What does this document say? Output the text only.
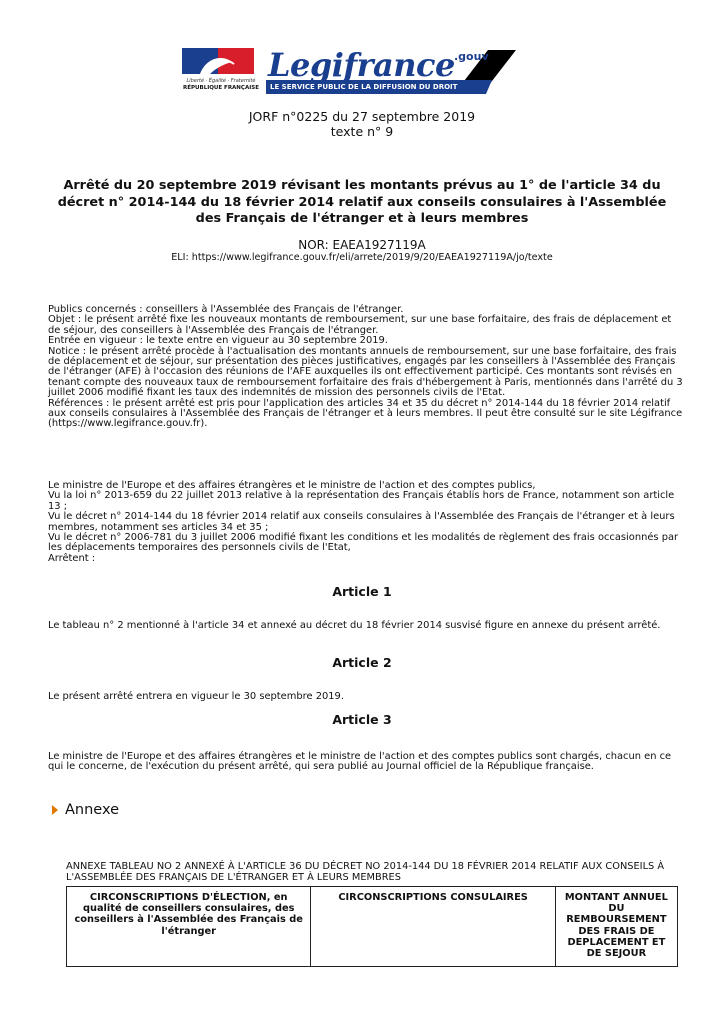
Liberté · Égalité · Fraternité
RÉPUBLIQUE FRANÇAISE
Legifrance .gouv
LE SERVICE PUBLIC DE LA DIFFUSION DU DROIT
JORF n°0225 du 27 septembre 2019
texte n° 9
Arrêté du 20 septembre 2019 révisant les montants prévus au 1° de l'article 34 du décret n° 2014-144 du 18 février 2014 relatif aux conseils consulaires à l'Assemblée des Français de l'étranger et à leurs membres
NOR: EAEA1927119A
ELI: https://www.legifrance.gouv.fr/eli/arrete/2019/9/20/EAEA1927119A/jo/texte

Publics concernés : conseillers à l'Assemblée des Français de l'étranger.

Objet : le présent arrêté fixe les nouveaux montants de remboursement, sur une base forfaitaire, des frais de déplacement et de séjour, des conseillers à l'Assemblée des Français de l'étranger.

Entrée en vigueur : le texte entre en vigueur au 30 septembre 2019.

Notice : le présent arrêté procède à l'actualisation des montants annuels de remboursement, sur une base forfaitaire, des frais de déplacement et de séjour, sur présentation des pièces justificatives, engagés par les conseillers à l'Assemblée des Français de l'étranger (AFE) à l'occasion des réunions de l'AFE auxquelles ils ont effectivement participé. Ces montants sont révisés en tenant compte des nouveaux taux de remboursement forfaitaire des frais d'hébergement à Paris, mentionnés dans l'arrêté du 3 juillet 2006 modifié fixant les taux des indemnités de mission des personnels civils de l'Etat.

Références : le présent arrêté est pris pour l'application des articles 34 et 35 du décret n° 2014-144 du 18 février 2014 relatif aux conseils consulaires à l'Assemblée des Français de l'étranger et à leurs membres. Il peut être consulté sur le site Légifrance (https://www.legifrance.gouv.fr).

Le ministre de l'Europe et des affaires étrangères et le ministre de l'action et des comptes publics,

Vu la loi n° 2013-659 du 22 juillet 2013 relative à la représentation des Français établis hors de France, notamment son article 13 ;

Vu le décret n° 2014-144 du 18 février 2014 relatif aux conseils consulaires à l'Assemblée des Français de l'étranger et à leurs membres, notamment ses articles 34 et 35 ;

Vu le décret n° 2006-781 du 3 juillet 2006 modifié fixant les conditions et les modalités de règlement des frais occasionnés par les déplacements temporaires des personnels civils de l'Etat,

Arrêtent :

Article 1
Le tableau n° 2 mentionné à l'article 34 et annexé au décret du 18 février 2014 susvisé figure en annexe du présent arrêté.
Article 2
Le présent arrêté entrera en vigueur le 30 septembre 2019.
Article 3
Le ministre de l'Europe et des affaires étrangères et le ministre de l'action et des comptes publics sont chargés, chacun en ce qui le concerne, de l'exécution du présent arrêté, qui sera publié au Journal officiel de la République française.
Annexe
ANNEXE TABLEAU NO 2 ANNEXÉ À L'ARTICLE 36 DU DÉCRET NO 2014-144 DU 18 FÉVRIER 2014 RELATIF AUX CONSEILS À L'ASSEMBLÉE DES FRANÇAIS DE L'ÉTRANGER ET À LEURS MEMBRES
CIRCONSCRIPTIONS D'ÉLECTION, en qualité de conseillers consulaires, des conseillers à l'Assemblée des Français de l'étranger	CIRCONSCRIPTIONS CONSULAIRES	MONTANT ANNUEL DU REMBOURSEMENT DES FRAIS DE DEPLACEMENT ET DE SEJOUR
